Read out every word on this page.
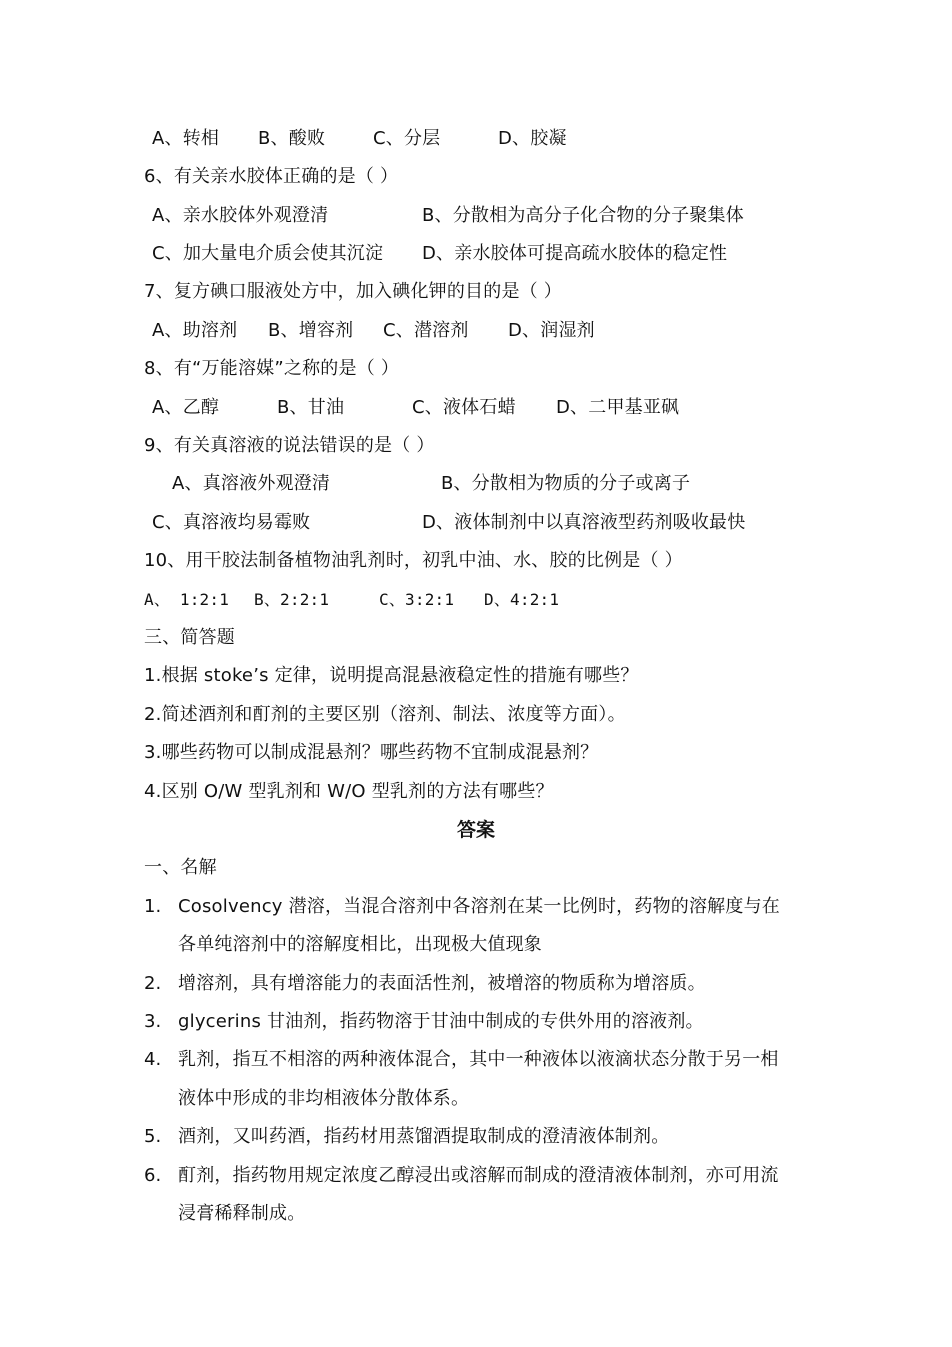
A、转相 B、酸败	C、分层	D、胶凝
6、有关亲水胶体正确的是（ ）
A、亲水胶体外观澄清	B、分散相为高分子化合物的分子聚集体
C、加大量电介质会使其沉淀 D、亲水胶体可提高疏水胶体的稳定性
7、复方碘口服液处方中，加入碘化钾的目的是（ ）
A、助溶剂 B、增容剂 C、潜溶剂 D、润湿剂
8、有“万能溶媒”之称的是（ ）
A、乙醇	B、甘油	C、液体石蜡 D、二甲基亚砜
9、有关真溶液的说法错误的是（ ）
A、真溶液外观澄清	B、分散相为物质的分子或离子
C、真溶液均易霉败	D、液体制剂中以真溶液型药剂吸收最快
10、用干胶法制备植物油乳剂时，初乳中油、水、胶的比例是（ ）
A、 1:2:1 B、2:2:1	C、3:2:1 D、4:2:1
三、简答题
1.根据 stoke’s 定律，说明提高混悬液稳定性的措施有哪些？
2.简述酒剂和酊剂的主要区别（溶剂、制法、浓度等方面）。
3.哪些药物可以制成混悬剂？哪些药物不宜制成混悬剂？
4.区别 O/W 型乳剂和 W/O 型乳剂的方法有哪些？
答案
一、名解
1. Cosolvency 潜溶，当混合溶剂中各溶剂在某一比例时，药物的溶解度与在
各单纯溶剂中的溶解度相比，出现极大值现象
2. 增溶剂，具有增溶能力的表面活性剂，被增溶的物质称为增溶质。
3. glycerins 甘油剂，指药物溶于甘油中制成的专供外用的溶液剂。
4. 乳剂，指互不相溶的两种液体混合，其中一种液体以液滴状态分散于另一相
液体中形成的非均相液体分散体系。
5. 酒剂，又叫药酒，指药材用蒸馏酒提取制成的澄清液体制剂。
6. 酊剂，指药物用规定浓度乙醇浸出或溶解而制成的澄清液体制剂，亦可用流
浸膏稀释制成。
